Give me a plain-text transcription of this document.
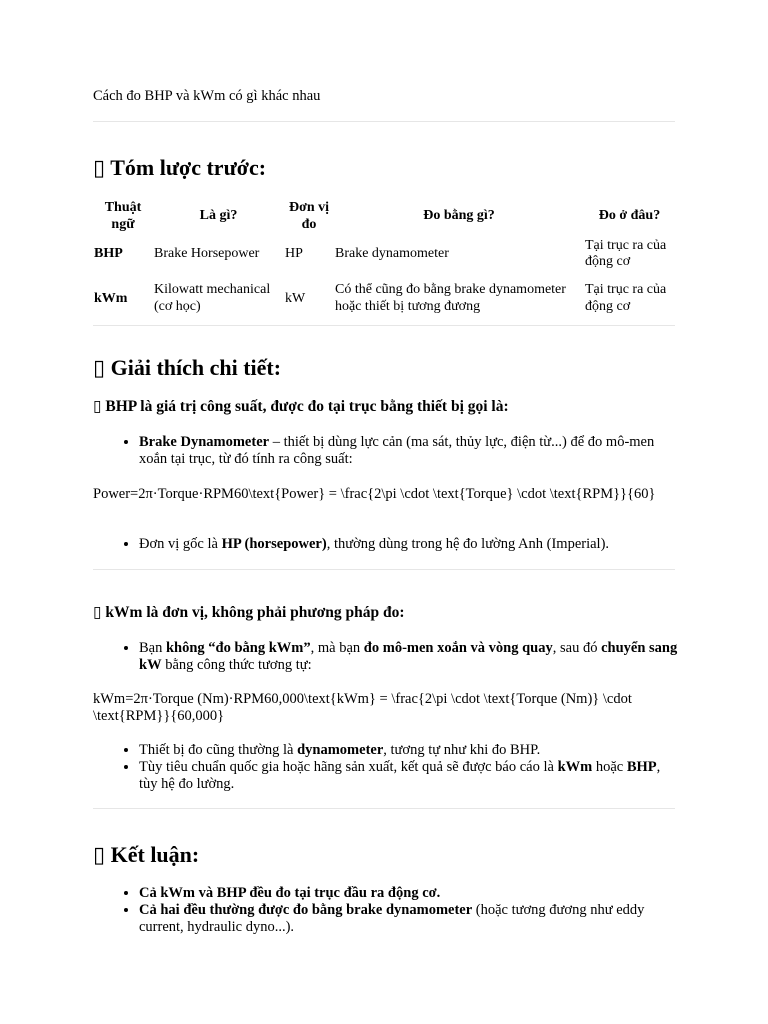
Cách đo BHP và kWm có gì khác nhau
▯ Tóm lược trước:
Thuật ngữ	Là gì?	Đơn vị đo	Đo bằng gì?	Đo ở đâu?
BHP	Brake Horsepower	HP	Brake dynamometer	Tại trục ra của động cơ
kWm	Kilowatt mechanical (cơ học)	kW	Có thể cũng đo bằng brake dynamometer hoặc thiết bị tương đương	Tại trục ra của động cơ
▯ Giải thích chi tiết:
▯ BHP là giá trị công suất, được đo tại trục bằng thiết bị gọi là:
• Brake Dynamometer – thiết bị dùng lực cản (ma sát, thủy lực, điện từ...) để đo mô-men xoắn tại trục, từ đó tính ra công suất:
Power=2π·Torque·RPM60\text{Power} = \frac{2\pi \cdot \text{Torque} \cdot \text{RPM}}{60}
• Đơn vị gốc là HP (horsepower), thường dùng trong hệ đo lường Anh (Imperial).
▯ kWm là đơn vị, không phải phương pháp đo:
• Bạn không “đo bằng kWm”, mà bạn đo mô-men xoắn và vòng quay, sau đó chuyển sang kW bằng công thức tương tự:
kWm=2π·Torque (Nm)·RPM60,000\text{kWm} = \frac{2\pi \cdot \text{Torque (Nm)} \cdot \text{RPM}}{60,000}
• Thiết bị đo cũng thường là dynamometer, tương tự như khi đo BHP.
• Tùy tiêu chuẩn quốc gia hoặc hãng sản xuất, kết quả sẽ được báo cáo là kWm hoặc BHP, tùy hệ đo lường.
▯ Kết luận:
• Cả kWm và BHP đều đo tại trục đầu ra động cơ.
• Cả hai đều thường được đo bằng brake dynamometer (hoặc tương đương như eddy current, hydraulic dyno...).
